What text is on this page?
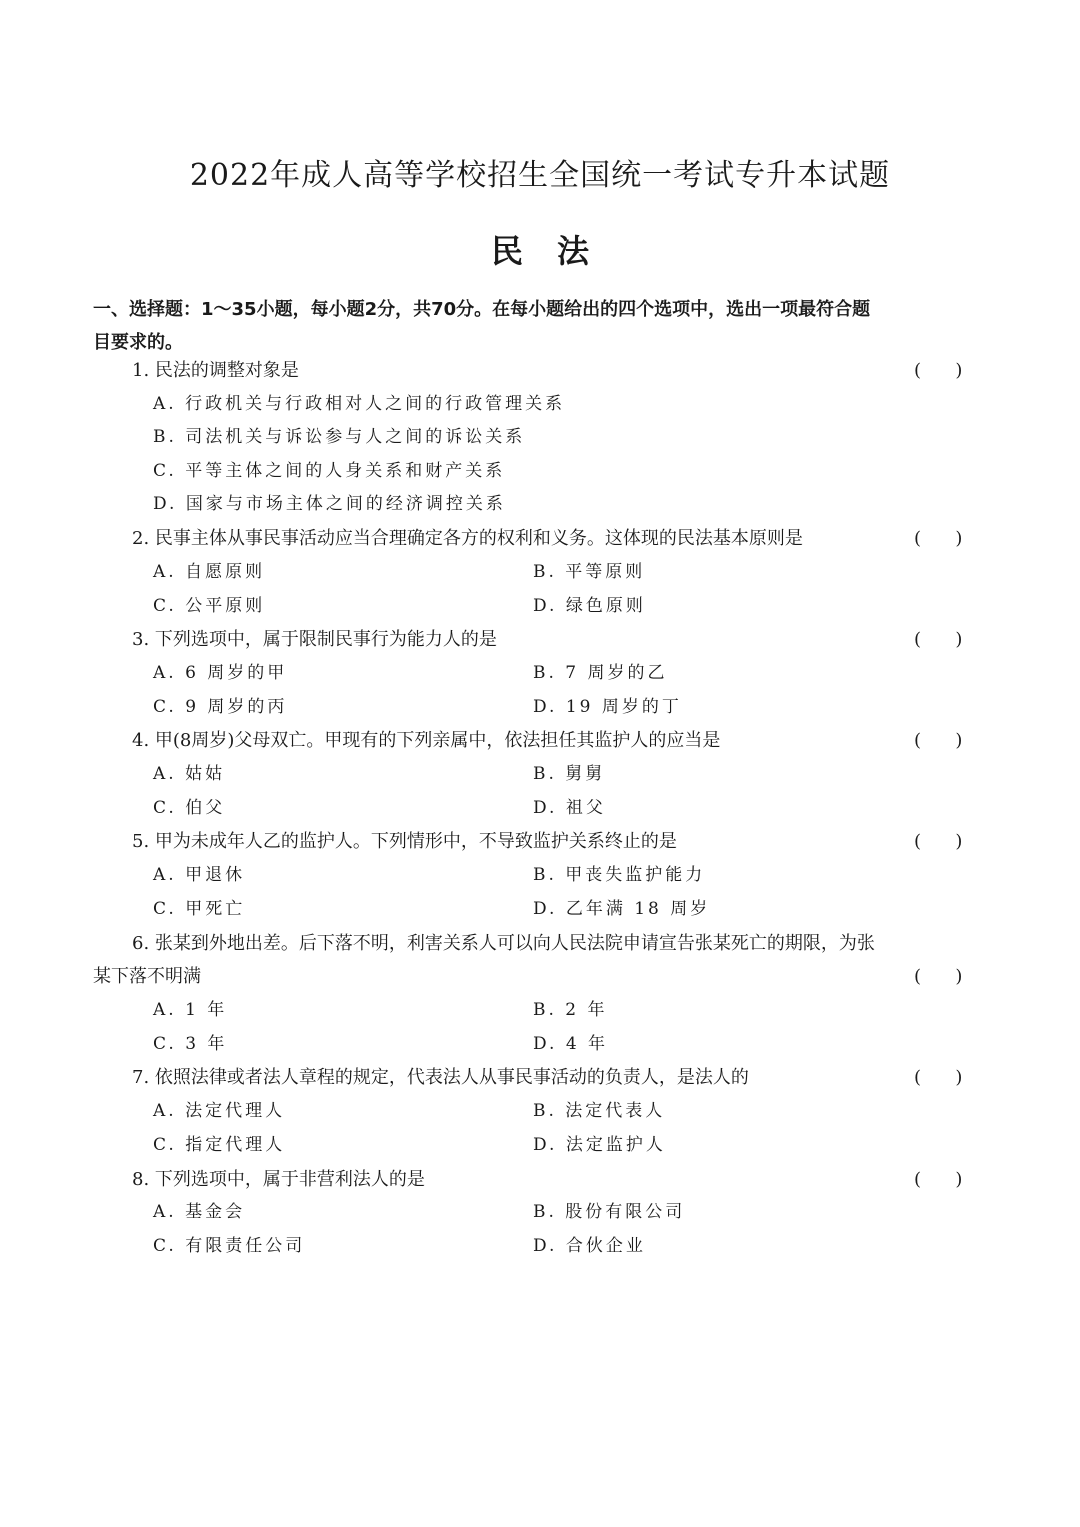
2022年成人高等学校招生全国统一考试专升本试题
民法
一、选择题：1～35小题，每小题2分，共70分。在每小题给出的四个选项中，选出一项最符合题
目要求的。
1. 民法的调整对象是	(      )
A. 行政机关与行政相对人之间的行政管理关系
B. 司法机关与诉讼参与人之间的诉讼关系
C. 平等主体之间的人身关系和财产关系
D. 国家与市场主体之间的经济调控关系
2. 民事主体从事民事活动应当合理确定各方的权利和义务。这体现的民法基本原则是	(      )
A. 自愿原则	B. 平等原则
C. 公平原则	D. 绿色原则
3. 下列选项中，属于限制民事行为能力人的是	(      )
A. 6 周岁的甲	B. 7 周岁的乙
C. 9 周岁的丙	D. 19 周岁的丁
4. 甲(8周岁)父母双亡。甲现有的下列亲属中，依法担任其监护人的应当是	(      )
A. 姑姑	B. 舅舅
C. 伯父	D. 祖父
5. 甲为未成年人乙的监护人。下列情形中，不导致监护关系终止的是	(      )
A. 甲退休	B. 甲丧失监护能力
C. 甲死亡	D. 乙年满 18 周岁
6. 张某到外地出差。后下落不明，利害关系人可以向人民法院申请宣告张某死亡的期限，为张
某下落不明满	(      )
A. 1 年	B. 2 年
C. 3 年	D. 4 年
7. 依照法律或者法人章程的规定，代表法人从事民事活动的负责人，是法人的	(      )
A. 法定代理人	B. 法定代表人
C. 指定代理人	D. 法定监护人
8. 下列选项中，属于非营利法人的是	(      )
A. 基金会	B. 股份有限公司
C. 有限责任公司	D. 合伙企业
